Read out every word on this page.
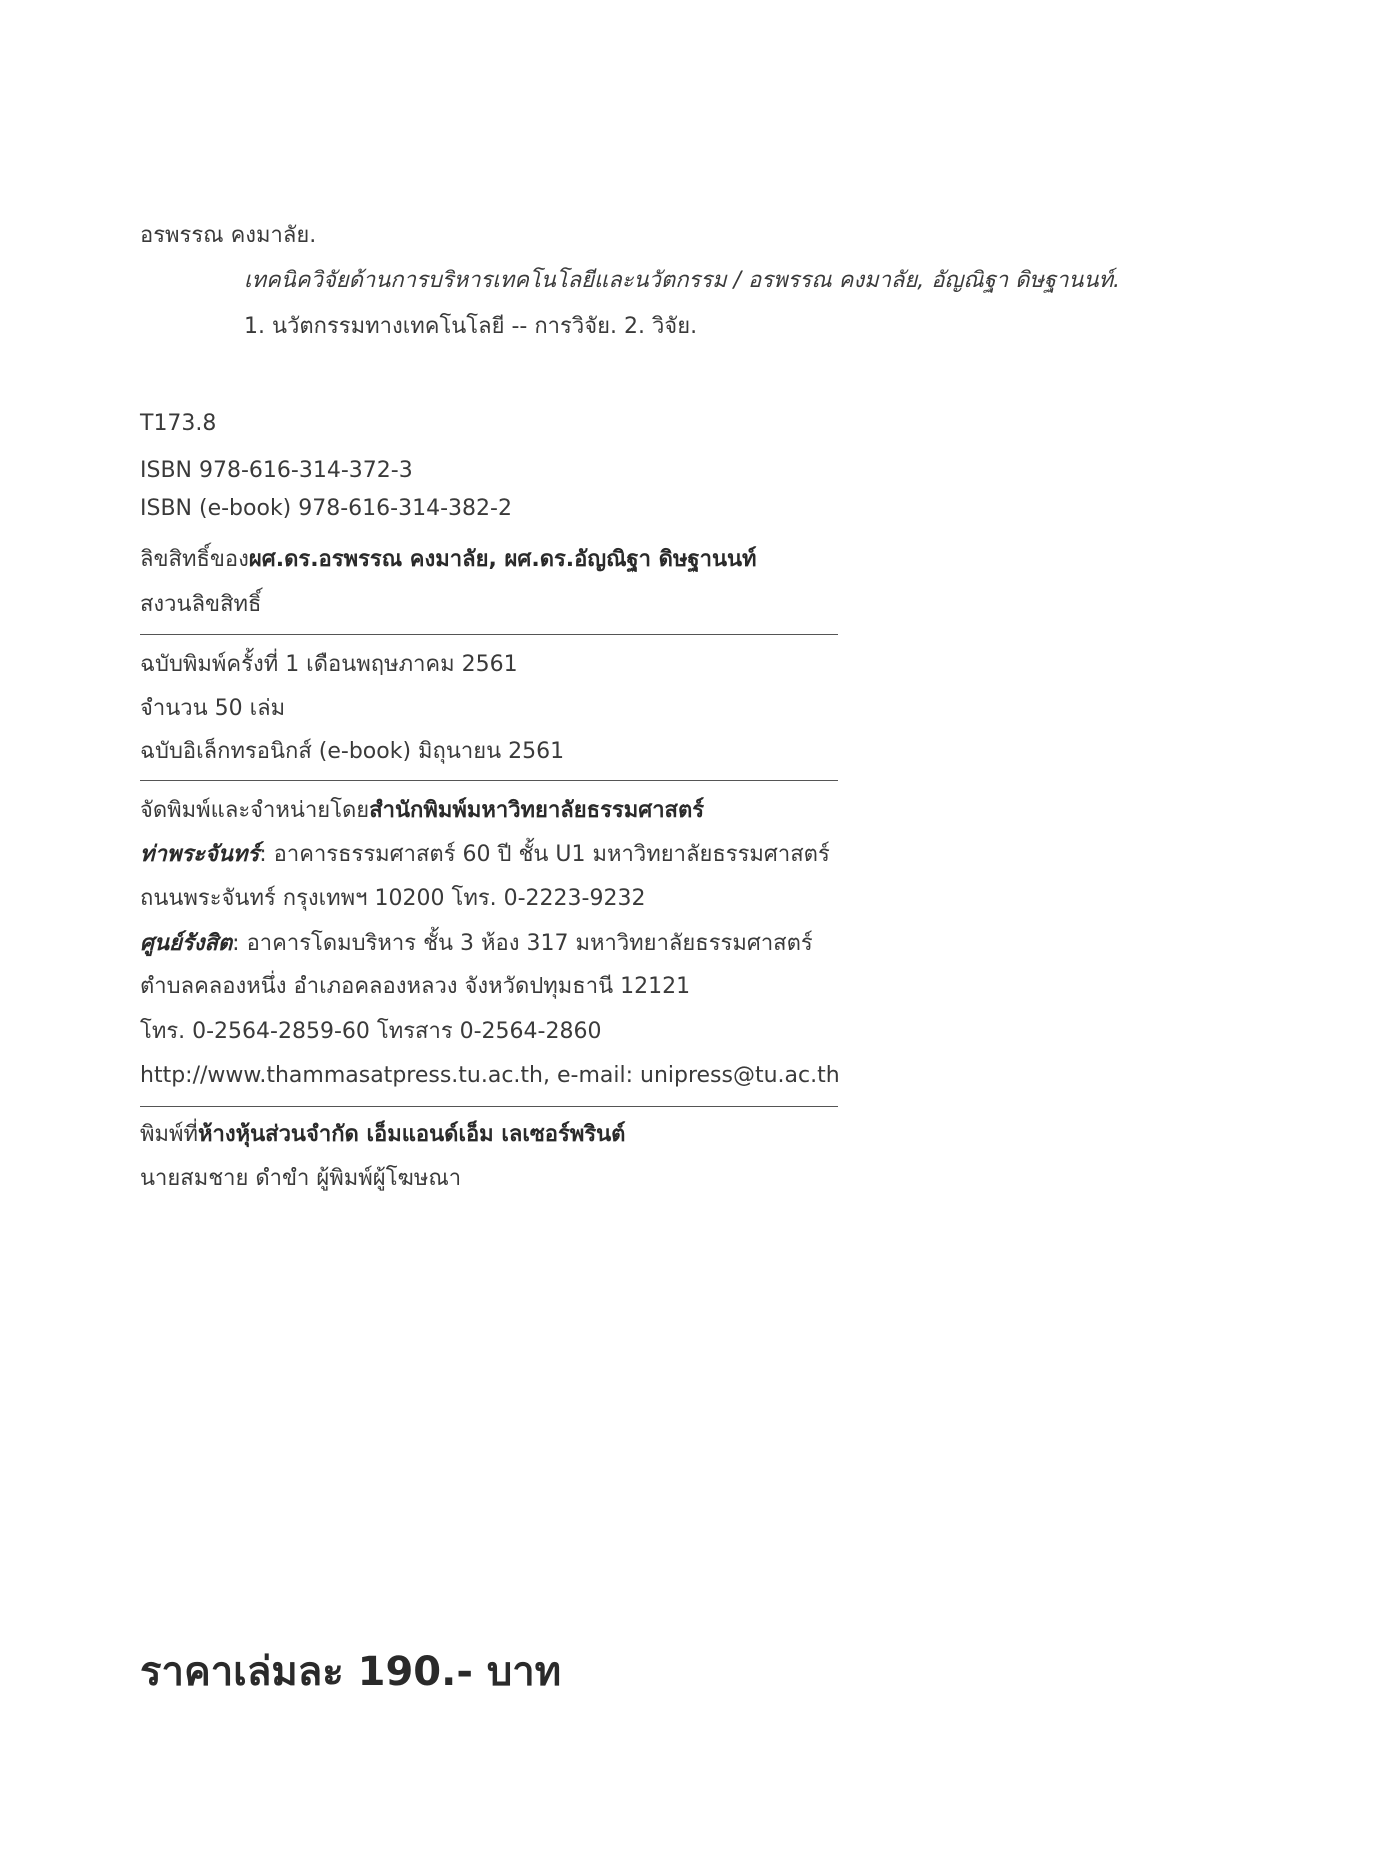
อรพรรณ คงมาลัย.
เทคนิควิจัยด้านการบริหารเทคโนโลยีและนวัตกรรม / อรพรรณ คงมาลัย, อัญณิฐา ดิษฐานนท์.
1. นวัตกรรมทางเทคโนโลยี -- การวิจัย. 2. วิจัย.
T173.8
ISBN 978-616-314-372-3
ISBN (e-book) 978-616-314-382-2
ลิขสิทธิ์ของผศ.ดร.อรพรรณ คงมาลัย, ผศ.ดร.อัญณิฐา ดิษฐานนท์
สงวนลิขสิทธิ์
ฉบับพิมพ์ครั้งที่ 1 เดือนพฤษภาคม 2561
จำนวน 50 เล่ม
ฉบับอิเล็กทรอนิกส์ (e-book) มิถุนายน 2561
จัดพิมพ์และจำหน่ายโดยสำนักพิมพ์มหาวิทยาลัยธรรมศาสตร์
ท่าพระจันทร์: อาคารธรรมศาสตร์ 60 ปี ชั้น U1 มหาวิทยาลัยธรรมศาสตร์
ถนนพระจันทร์ กรุงเทพฯ 10200 โทร. 0-2223-9232
ศูนย์รังสิต: อาคารโดมบริหาร ชั้น 3 ห้อง 317 มหาวิทยาลัยธรรมศาสตร์
ตำบลคลองหนึ่ง อำเภอคลองหลวง จังหวัดปทุมธานี 12121
โทร. 0-2564-2859-60 โทรสาร 0-2564-2860
http://www.thammasatpress.tu.ac.th, e-mail: unipress@tu.ac.th
พิมพ์ที่ห้างหุ้นส่วนจำกัด เอ็มแอนด์เอ็ม เลเซอร์พรินต์
นายสมชาย ดำขำ ผู้พิมพ์ผู้โฆษณา
ราคาเล่มละ 190.- บาท
